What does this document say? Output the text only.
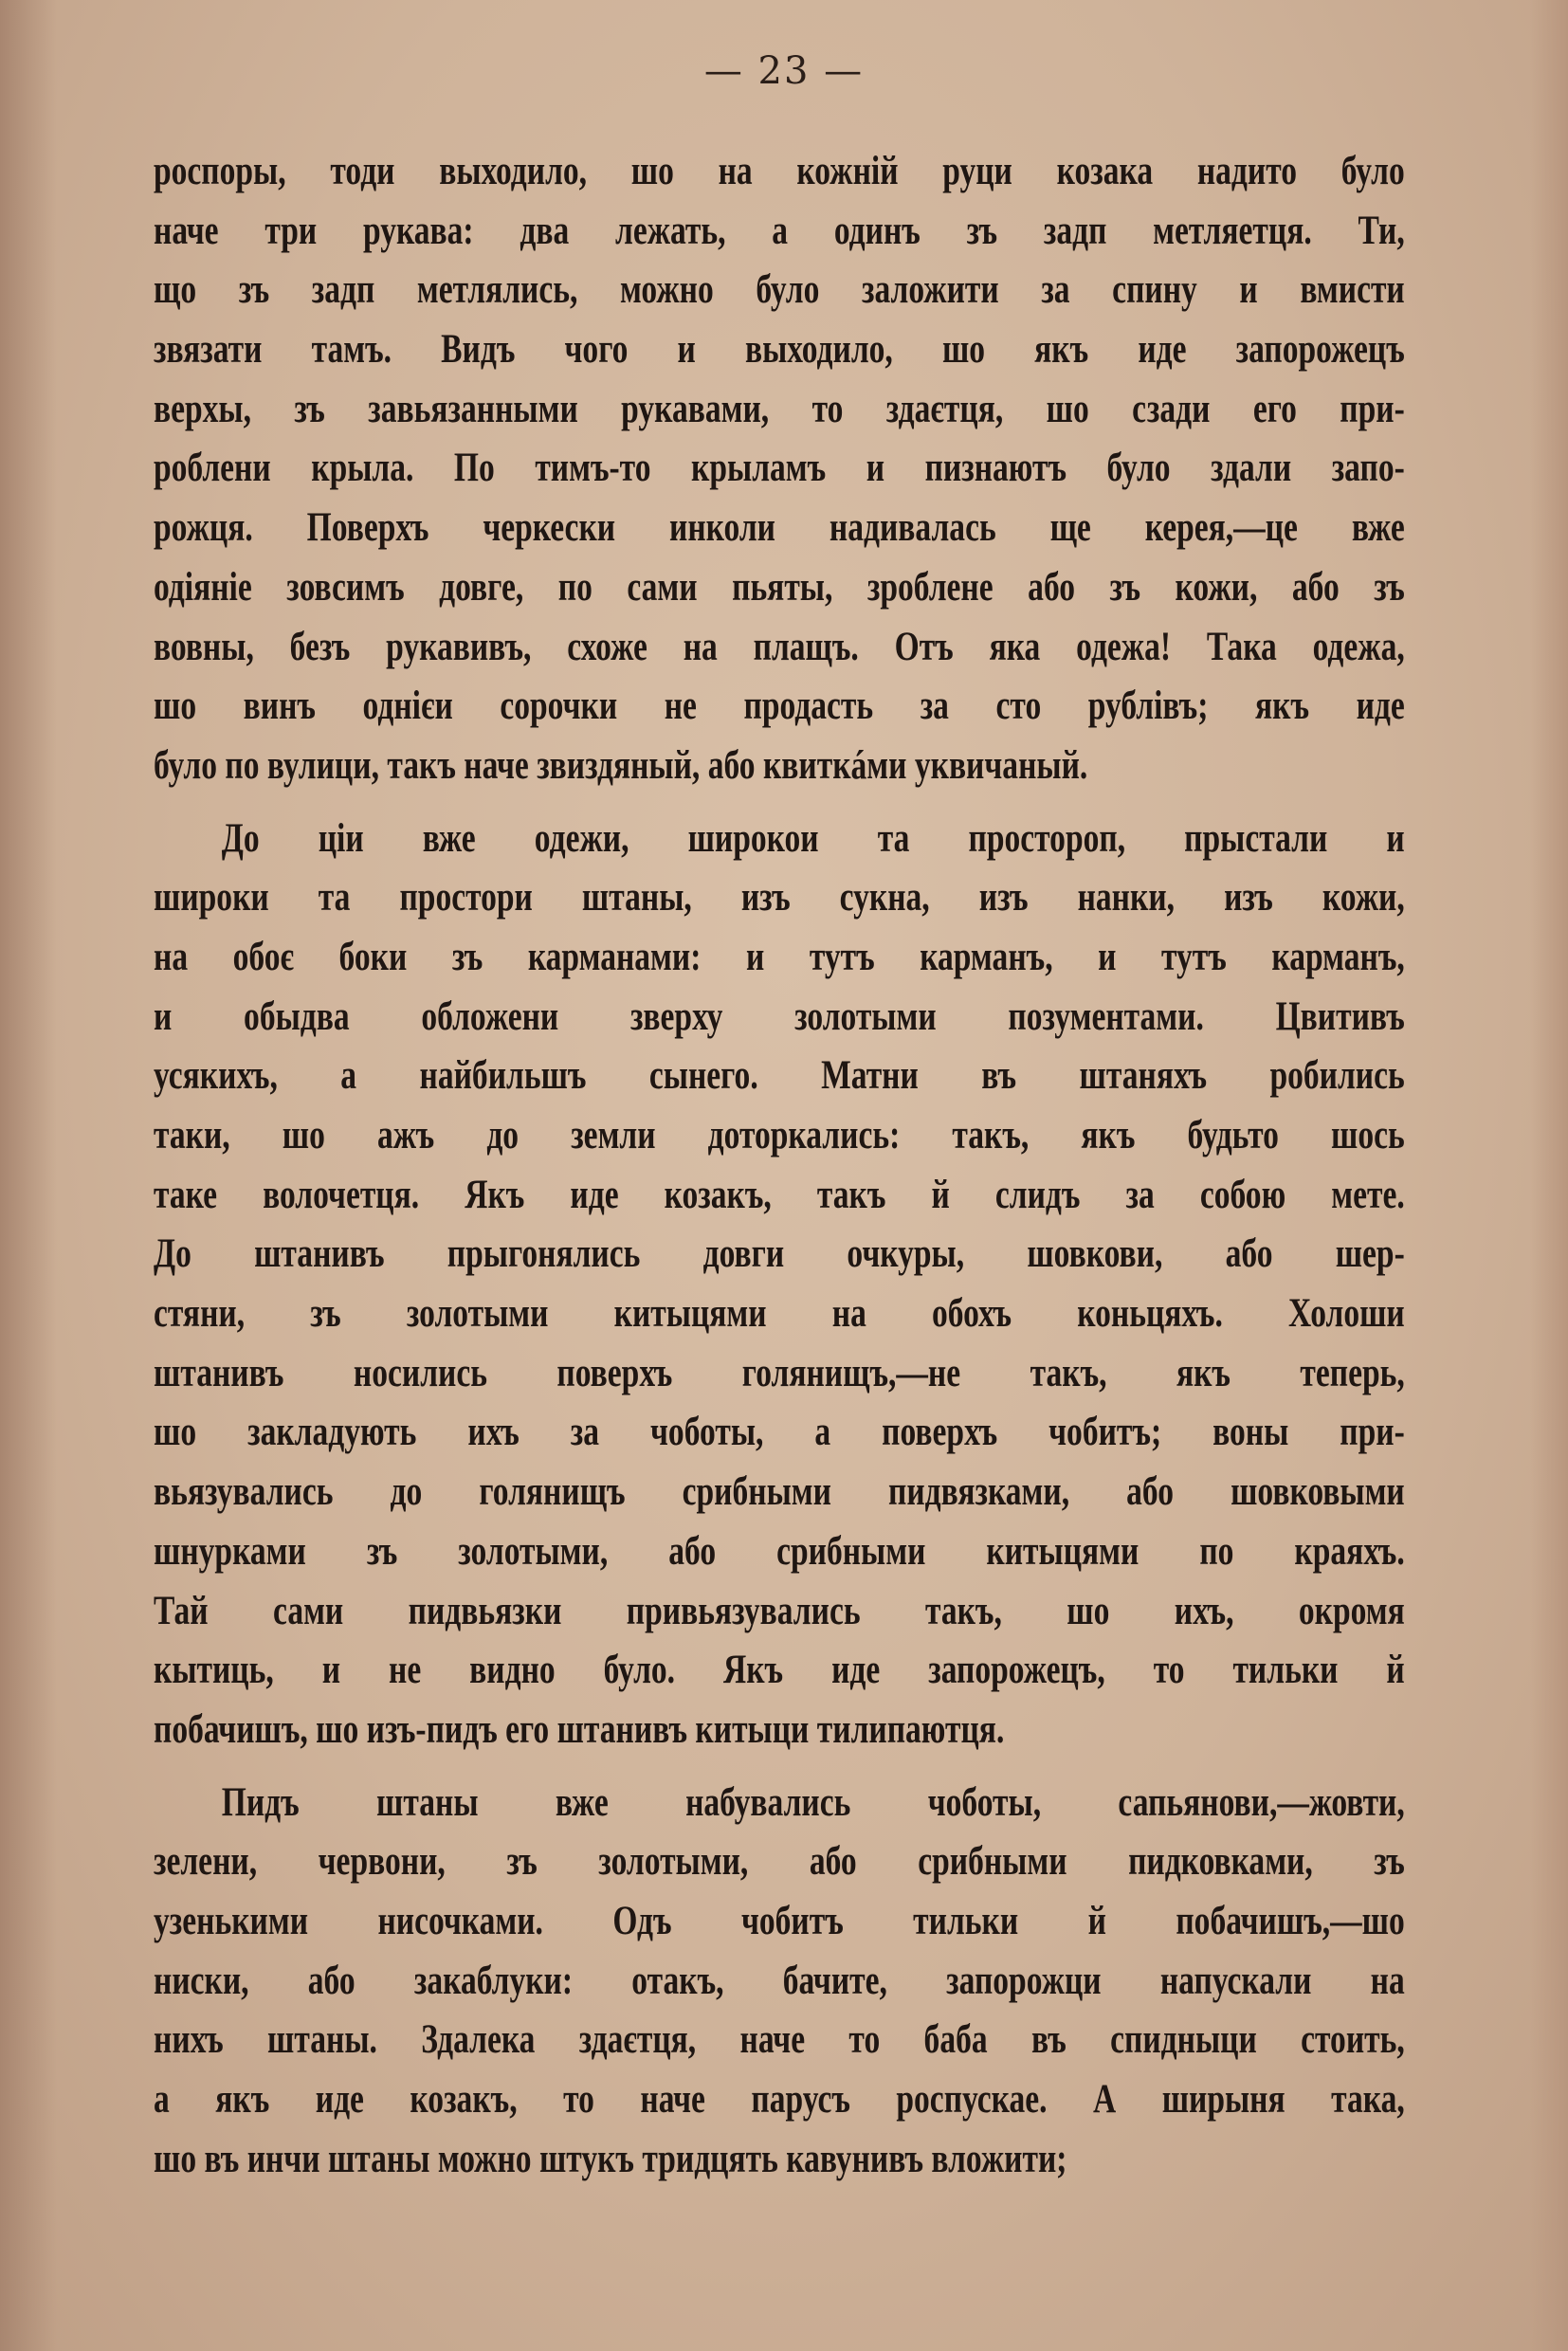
— 23 —
роспоры, тоди выходило, шо на кожній руци козака надито було
наче три рукава: два лежать, а одинъ зъ задп метляетця. Ти,
що зъ задп метлялись, можно було заложити за спину и вмисти
звязати тамъ. Видъ чого и выходило, шо якъ иде запорожецъ
верхы, зъ завьязанными рукавами, то здаєтця, шо сзади его при-
роблени крыла. По тимъ-то крыламъ и пизнаютъ було здали запо-
рожця. Поверхъ черкески инколи надивалась ще керея,—це вже
одіяніе зовсимъ довге, по сами пьяты, зроблене або зъ кожи, або зъ
вовны, безъ рукавивъ, схоже на плащъ. Отъ яка одежа! Така одежа,
шо винъ однієи сорочки не продасть за сто рублівъ; якъ иде
було по вулици, такъ наче звиздяный, або квиткáми уквичаный.
До ціи вже одежи, широкои та простороп, прыстали и
широки та простори штаны, изъ сукна, изъ нанки, изъ кожи,
на обоє боки зъ карманами: и тутъ карманъ, и тутъ карманъ,
и обыдва обложени зверху золотыми позументами. Цвитивъ
усякихъ, а найбильшъ сынего. Матни въ штаняхъ робились
таки, шо ажъ до земли доторкались: такъ, якъ будьто шось
таке волочетця. Якъ иде козакъ, такъ й слидъ за собою мете.
До штанивъ прыгонялись довги очкуры, шовкови, або шер-
стяни, зъ золотыми китыцями на обохъ коньцяхъ. Холоши
штанивъ носились поверхъ голянищъ,—не такъ, якъ теперь,
шо закладують ихъ за чоботы, а поверхъ чобитъ; воны при-
вьязувались до голянищъ срибными пидвязками, або шовковыми
шнурками зъ золотыми, або срибными китыцями по краяхъ.
Тай сами пидвьязки привьязувались такъ, шо ихъ, окромя
кытиць, и не видно було. Якъ иде запорожецъ, то тильки й
побачишъ, шо изъ-пидъ его штанивъ китыци тилипаютця.
Пидъ штаны вже набувались чоботы, сапьянови,—жовти,
зелени, червони, зъ золотыми, або срибными пидковками, зъ
узенькими нисочками. Одъ чобитъ тильки й побачишъ,—шо
ниски, або закаблуки: отакъ, бачите, запорожци напускали на
нихъ штаны. Здалека здаєтця, наче то баба въ спидныци стоить,
а якъ иде козакъ, то наче парусъ роспускае. А ширыня така,
шо въ инчи штаны можно штукъ тридцять кавунивъ вложити;
